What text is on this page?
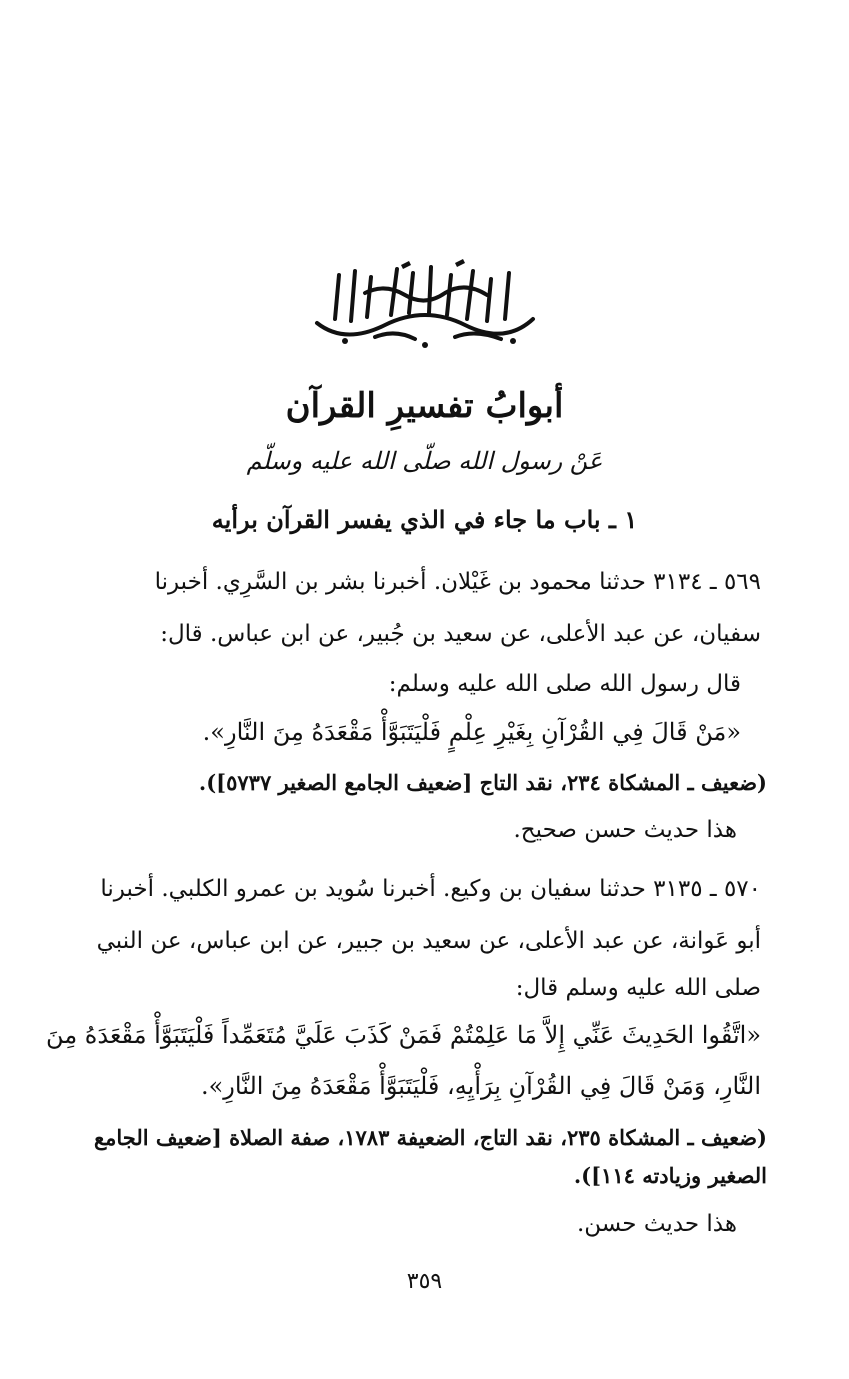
أبوابُ تفسيرِ القرآن
عَنْ رسول الله صلّى الله عليه وسلّم
١ ـ باب ما جاء في الذي يفسر القرآن برأيه
٥٦٩ ـ ٣١٣٤ حدثنا محمود بن غَيْلان. أخبرنا بشر بن السَّرِي. أخبرنا
سفيان، عن عبد الأعلى، عن سعيد بن جُبير، عن ابن عباس. قال:
قال رسول الله صلى الله عليه وسلم:
«مَنْ قَالَ فِي القُرْآنِ بِغَيْرِ عِلْمٍ فَلْيَتَبَوَّأْ مَقْعَدَهُ مِنَ النَّارِ».
(ضعيف ـ المشكاة ٢٣٤، نقد التاج [ضعيف الجامع الصغير ٥٧٣٧]).
هذا حديث حسن صحيح.
٥٧٠ ـ ٣١٣٥ حدثنا سفيان بن وكيع. أخبرنا سُويد بن عمرو الكلبي. أخبرنا
أبو عَوانة، عن عبد الأعلى، عن سعيد بن جبير، عن ابن عباس، عن النبي
صلى الله عليه وسلم قال:
«اتَّقُوا الحَدِيثَ عَنِّي إِلاَّ مَا عَلِمْتُمْ فَمَنْ كَذَبَ عَلَيَّ مُتَعَمِّداً فَلْيَتَبَوَّأْ مَقْعَدَهُ مِنَ
النَّارِ، وَمَنْ قَالَ فِي القُرْآنِ بِرَأْيِهِ، فَلْيَتَبَوَّأْ مَقْعَدَهُ مِنَ النَّارِ».
(ضعيف ـ المشكاة ٢٣٥، نقد التاج، الضعيفة ١٧٨٣، صفة الصلاة [ضعيف الجامع
الصغير وزيادته ١١٤]).
هذا حديث حسن.
٣٥٩
